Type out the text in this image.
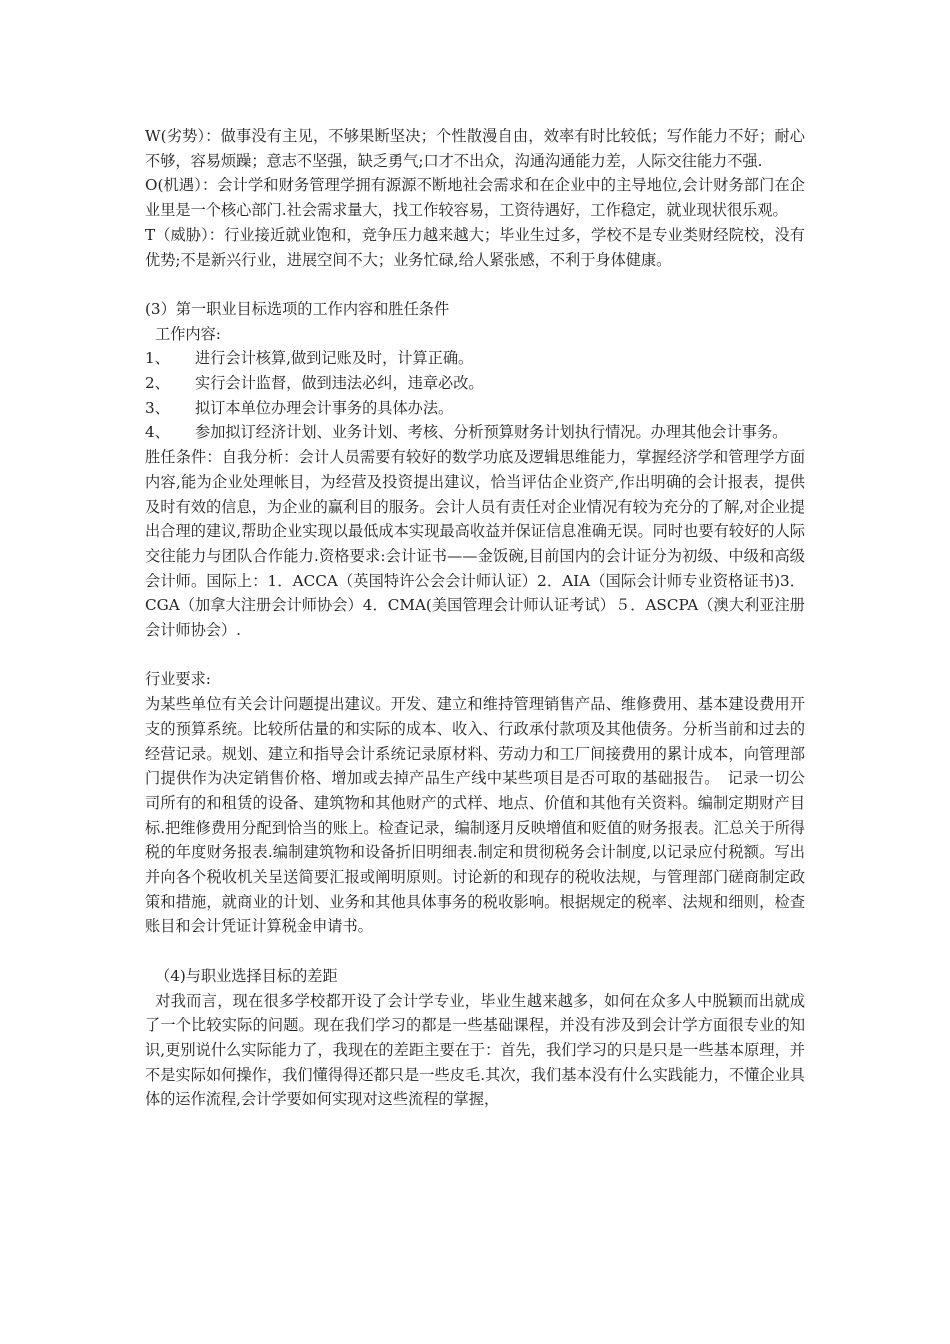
W(劣势）：做事没有主见，不够果断坚决；个性散漫自由，效率有时比较低；写作能力不好；耐心不够，容易烦躁；意志不坚强，缺乏勇气;口才不出众，沟通沟通能力差，人际交往能力不强.

O(机遇）：会计学和财务管理学拥有源源不断地社会需求和在企业中的主导地位,会计财务部门在企业里是一个核心部门.社会需求量大，找工作较容易，工资待遇好，工作稳定，就业现状很乐观。

T（威胁）：行业接近就业饱和，竞争压力越来越大；毕业生过多，学校不是专业类财经院校，没有优势;不是新兴行业，进展空间不大；业务忙碌,给人紧张感，不利于身体健康。

(3）第一职业目标选项的工作内容和胜任条件

工作内容:

1、	进行会计核算,做到记账及时，计算正确。
2、	实行会计监督，做到违法必纠，违章必改。
3、	拟订本单位办理会计事务的具体办法。

4、 参加拟订经济计划、业务计划、考核、分析预算财务计划执行情况。办理其他会计事务。

胜任条件：自我分析：会计人员需要有较好的数学功底及逻辑思维能力，掌握经济学和管理学方面内容,能为企业处理帐目，为经营及投资提出建议，恰当评估企业资产,作出明确的会计报表，提供及时有效的信息，为企业的赢利目的服务。会计人员有责任对企业情况有较为充分的了解,对企业提出合理的建议,帮助企业实现以最低成本实现最高收益并保证信息准确无误。同时也要有较好的人际交往能力与团队合作能力.资格要求:会计证书——金饭碗,目前国内的会计证分为初级、中级和高级会计师。国际上：1．ACCA（英国特许公会会计师认证）2．AIA（国际会计师专业资格证书)3．CGA（加拿大注册会计师协会）4．CMA(美国管理会计师认证考试）５．ASCPA（澳大利亚注册会计师协会）.

行业要求:

为某些单位有关会计问题提出建议。开发、建立和维持管理销售产品、维修费用、基本建设费用开支的预算系统。比较所估量的和实际的成本、收入、行政承付款项及其他债务。分析当前和过去的经营记录。规划、建立和指导会计系统记录原材料、劳动力和工厂间接费用的累计成本，向管理部门提供作为决定销售价格、增加或去掉产品生产线中某些项目是否可取的基础报告。　记录一切公司所有的和租赁的设备、建筑物和其他财产的式样、地点、价值和其他有关资料。编制定期财产目标.把维修费用分配到恰当的账上。检查记录，编制逐月反映增值和贬值的财务报表。汇总关于所得税的年度财务报表.编制建筑物和设备折旧明细表.制定和贯彻税务会计制度,以记录应付税额。写出并向各个税收机关呈送简要汇报或阐明原则。讨论新的和现存的税收法规，与管理部门磋商制定政策和措施，就商业的计划、业务和其他具体事务的税收影响。根据规定的税率、法规和细则，检查账目和会计凭证计算税金申请书。

（4)与职业选择目标的差距

对我而言，现在很多学校都开设了会计学专业，毕业生越来越多，如何在众多人中脱颖而出就成了一个比较实际的问题。现在我们学习的都是一些基础课程，并没有涉及到会计学方面很专业的知识,更别说什么实际能力了，我现在的差距主要在于：首先，我们学习的只是只是一些基本原理，并不是实际如何操作，我们懂得得还都只是一些皮毛.其次，我们基本没有什么实践能力，不懂企业具体的运作流程,会计学要如何实现对这些流程的掌握，
